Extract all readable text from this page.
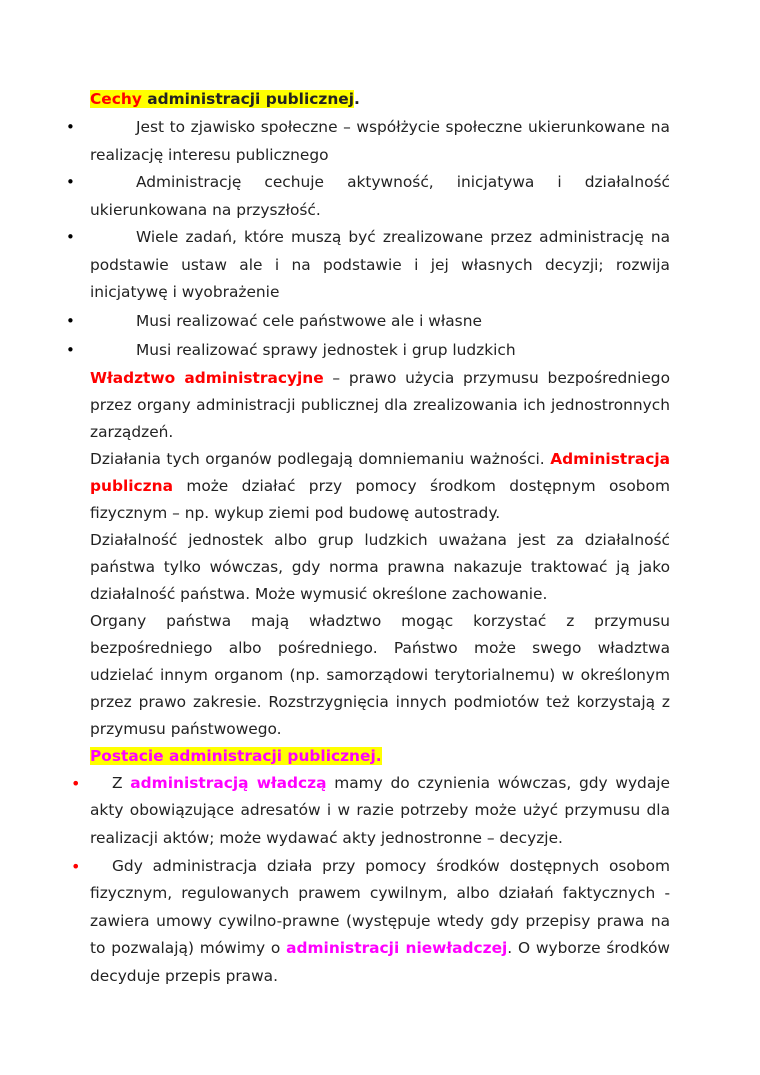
Cechy administracji publicznej.

•	Jest to zjawisko społeczne – współżycie społeczne ukierunkowane na realizację interesu publicznego
•	Administrację cechuje aktywność, inicjatywa i działalność ukierunkowana na przyszłość.
•	Wiele zadań, które muszą być zrealizowane przez administrację na podstawie ustaw ale i na podstawie i jej własnych decyzji; rozwija inicjatywę i wyobrażenie
•	Musi realizować cele państwowe ale i własne
•	Musi realizować sprawy jednostek i grup ludzkich

Władztwo administracyjne – prawo użycia przymusu bezpośredniego przez organy administracji publicznej dla zrealizowania ich jednostronnych zarządzeń.

Działania tych organów podlegają domniemaniu ważności. Administracja publiczna może działać przy pomocy środkom dostępnym osobom fizycznym – np. wykup ziemi pod budowę autostrady.

Działalność jednostek albo grup ludzkich uważana jest za działalność państwa tylko wówczas, gdy norma prawna nakazuje traktować ją jako działalność państwa. Może wymusić określone zachowanie.

Organy państwa mają władztwo mogąc korzystać z przymusu bezpośredniego albo pośredniego. Państwo może swego władztwa udzielać innym organom (np. samorządowi terytorialnemu) w określonym przez prawo zakresie. Rozstrzygnięcia innych podmiotów też korzystają z przymusu państwowego.

Postacie administracji publicznej.

• Z administracją władczą mamy do czynienia wówczas, gdy wydaje akty obowiązujące adresatów i w razie potrzeby może użyć przymusu dla realizacji aktów; może wydawać akty jednostronne – decyzje.
• Gdy administracja działa przy pomocy środków dostępnych osobom fizycznym, regulowanych prawem cywilnym, albo działań faktycznych - zawiera umowy cywilno-prawne (występuje wtedy gdy przepisy prawa na to pozwalają) mówimy o administracji niewładczej. O wyborze środków decyduje przepis prawa.
